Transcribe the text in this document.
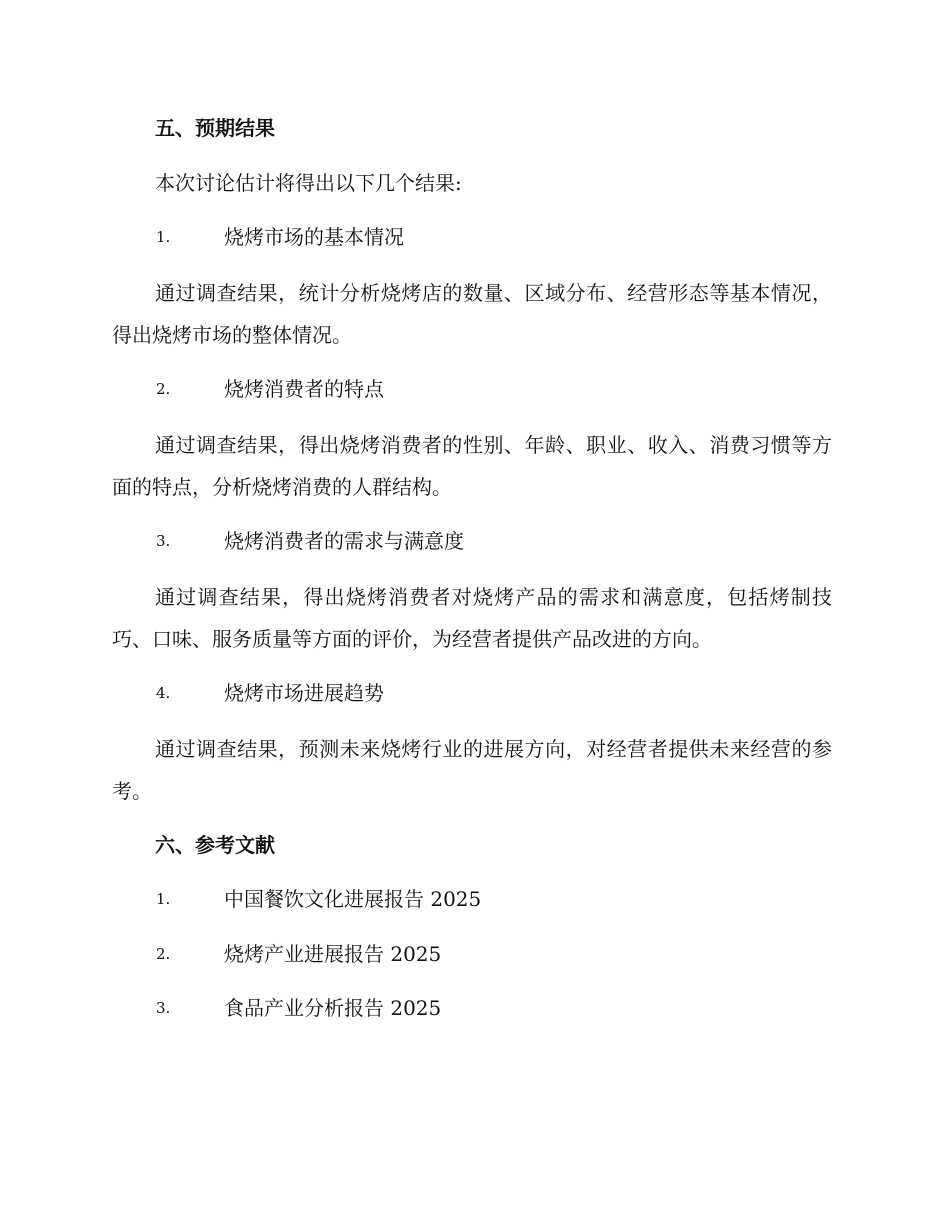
五、预期结果
本次讨论估计将得出以下几个结果:
1.	烧烤市场的基本情况
通过调查结果，统计分析烧烤店的数量、区域分布、经营形态等基本情况，得出烧烤市场的整体情况。
2.	烧烤消费者的特点
通过调查结果，得出烧烤消费者的性别、年龄、职业、收入、消费习惯等方面的特点，分析烧烤消费的人群结构。
3.	烧烤消费者的需求与满意度
通过调查结果，得出烧烤消费者对烧烤产品的需求和满意度，包括烤制技巧、口味、服务质量等方面的评价，为经营者提供产品改进的方向。
4.	烧烤市场进展趋势
通过调查结果，预测未来烧烤行业的进展方向，对经营者提供未来经营的参考。
六、参考文献
1.	中国餐饮文化进展报告 2025
2.	烧烤产业进展报告 2025
3.	食品产业分析报告 2025
